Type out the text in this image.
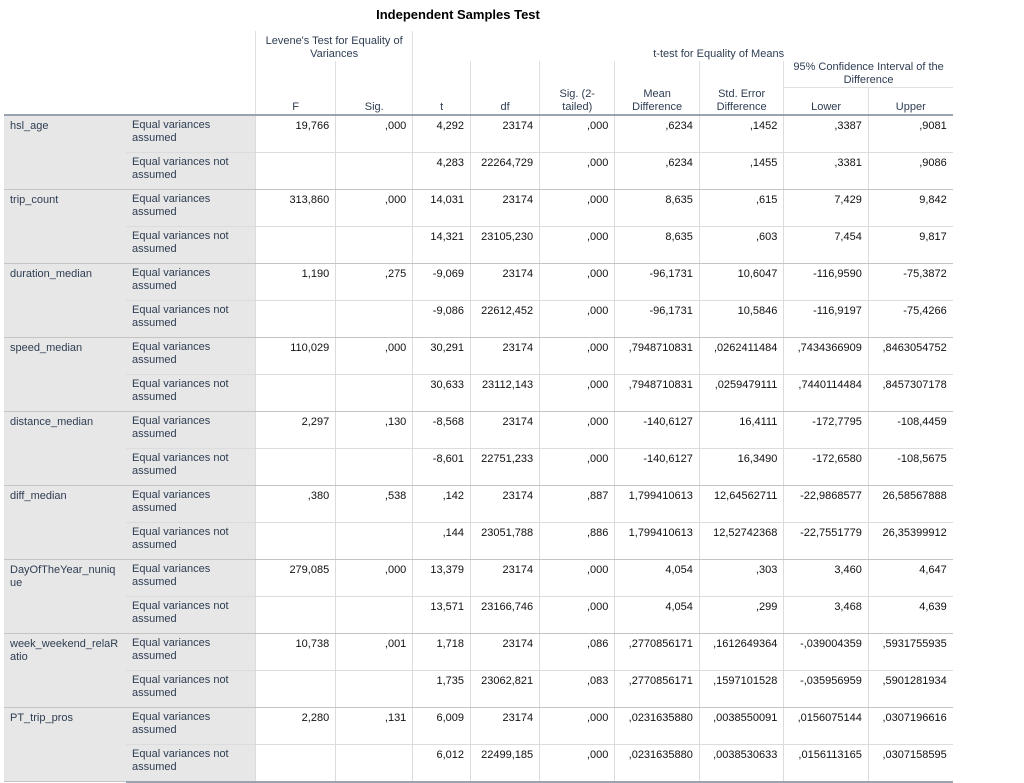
Independent Samples Test
		Levene's Test for Equality of Variances		t-test for Equality of Means						
									95% Confidence Interval of the Difference	
		F	Sig.	t	df	Sig. (2-tailed)	Mean Difference	Std. Error Difference	Lower	Upper
hsl_age	Equal variances assumed	19,766	,000	4,292	23174	,000	,6234	,1452	,3387	,9081
	Equal variances not assumed			4,283	22264,729	,000	,6234	,1455	,3381	,9086
trip_count	Equal variances assumed	313,860	,000	14,031	23174	,000	8,635	,615	7,429	9,842
	Equal variances not assumed			14,321	23105,230	,000	8,635	,603	7,454	9,817
duration_median	Equal variances assumed	1,190	,275	-9,069	23174	,000	-96,1731	10,6047	-116,9590	-75,3872
	Equal variances not assumed			-9,086	22612,452	,000	-96,1731	10,5846	-116,9197	-75,4266
speed_median	Equal variances assumed	110,029	,000	30,291	23174	,000	,7948710831	,0262411484	,7434366909	,8463054752
	Equal variances not assumed			30,633	23112,143	,000	,7948710831	,0259479111	,7440114484	,8457307178
distance_median	Equal variances assumed	2,297	,130	-8,568	23174	,000	-140,6127	16,4111	-172,7795	-108,4459
	Equal variances not assumed			-8,601	22751,233	,000	-140,6127	16,3490	-172,6580	-108,5675
diff_median	Equal variances assumed	,380	,538	,142	23174	,887	1,799410613	12,64562711	-22,9868577	26,58567888
	Equal variances not assumed			,144	23051,788	,886	1,799410613	12,52742368	-22,7551779	26,35399912
DayOfTheYear_nunique	Equal variances assumed	279,085	,000	13,379	23174	,000	4,054	,303	3,460	4,647
	Equal variances not assumed			13,571	23166,746	,000	4,054	,299	3,468	4,639
week_weekend_relaRatio	Equal variances assumed	10,738	,001	1,718	23174	,086	,2770856171	,1612649364	-,039004359	,5931755935
	Equal variances not assumed			1,735	23062,821	,083	,2770856171	,1597101528	-,035956959	,5901281934
PT_trip_pros	Equal variances assumed	2,280	,131	6,009	23174	,000	,0231635880	,0038550091	,0156075144	,0307196616
	Equal variances not assumed			6,012	22499,185	,000	,0231635880	,0038530633	,0156113165	,0307158595
